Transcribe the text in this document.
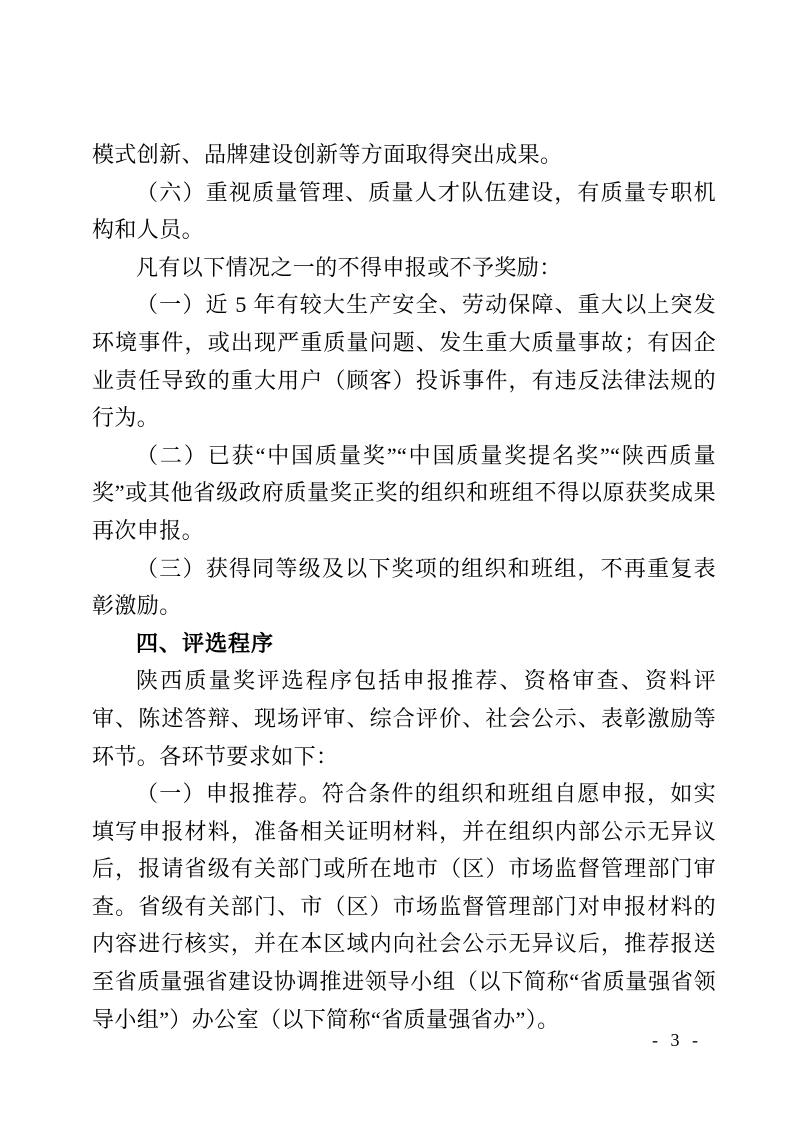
模式创新、品牌建设创新等方面取得突出成果。

（六）重视质量管理、质量人才队伍建设，有质量专职机构和人员。

凡有以下情况之一的不得申报或不予奖励：

（一）近 5 年有较大生产安全、劳动保障、重大以上突发环境事件，或出现严重质量问题、发生重大质量事故；有因企业责任导致的重大用户（顾客）投诉事件，有违反法律法规的行为。

（二）已获“中国质量奖”“中国质量奖提名奖”“陕西质量奖”或其他省级政府质量奖正奖的组织和班组不得以原获奖成果再次申报。

（三）获得同等级及以下奖项的组织和班组，不再重复表彰激励。

四、评选程序

陕西质量奖评选程序包括申报推荐、资格审查、资料评审、陈述答辩、现场评审、综合评价、社会公示、表彰激励等环节。各环节要求如下：

（一）申报推荐。符合条件的组织和班组自愿申报，如实填写申报材料，准备相关证明材料，并在组织内部公示无异议后，报请省级有关部门或所在地市（区）市场监督管理部门审查。省级有关部门、市（区）市场监督管理部门对申报材料的内容进行核实，并在本区域内向社会公示无异议后，推荐报送至省质量强省建设协调推进领导小组（以下简称“省质量强省领导小组”）办公室（以下简称“省质量强省办”）。

- 3 -
